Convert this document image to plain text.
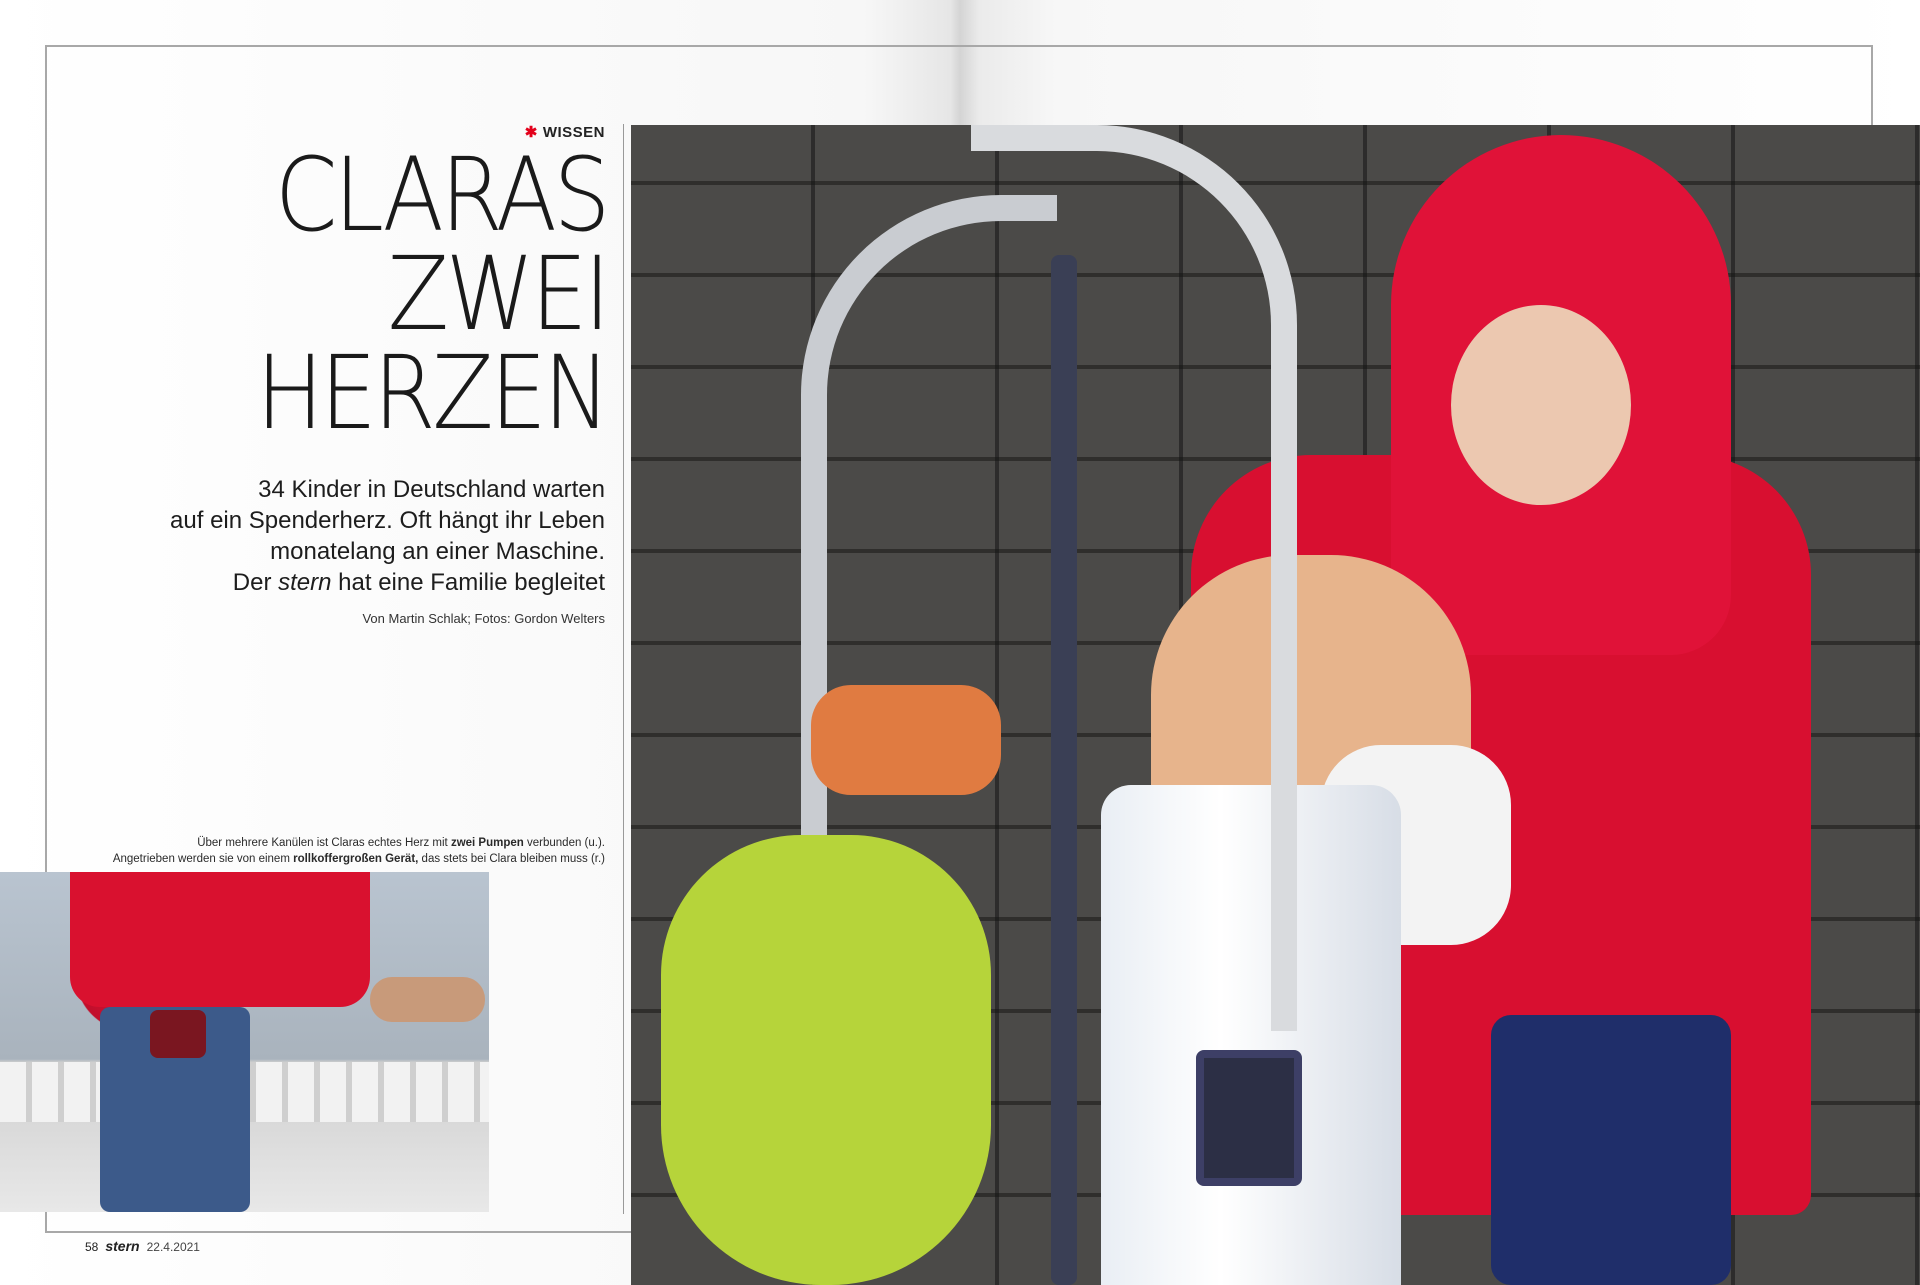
✱ WISSEN
CLARAS
ZWEI
HERZEN
34 Kinder in Deutschland warten
auf ein Spenderherz. Oft hängt ihr Leben
monatelang an einer Maschine.
Der stern hat eine Familie begleitet
Von Martin Schlak; Fotos: Gordon Welters
Über mehrere Kanülen ist Claras echtes Herz mit zwei Pumpen verbunden (u.).
Angetrieben werden sie von einem rollkoffergroßen Gerät, das stets bei Clara bleiben muss (r.)
58 stern 22.4.2021
